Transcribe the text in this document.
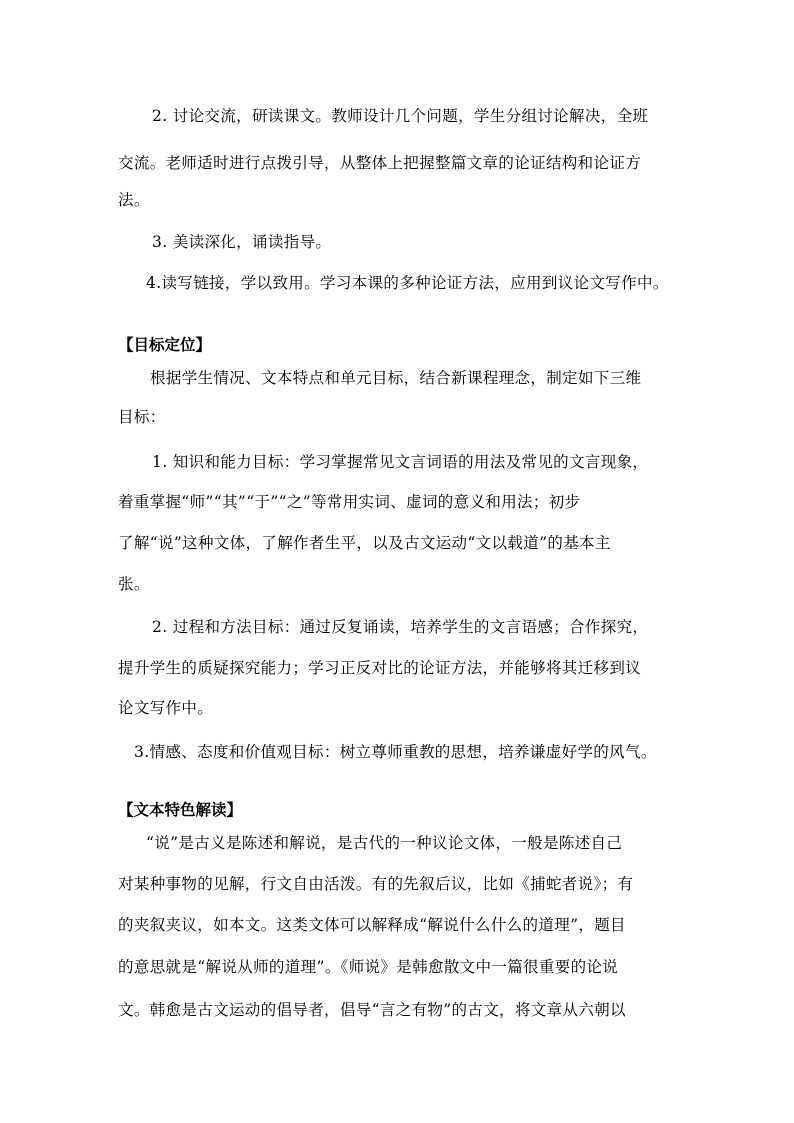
2. 讨论交流，研读课文。教师设计几个问题，学生分组讨论解决，全班
交流。老师适时进行点拨引导，从整体上把握整篇文章的论证结构和论证方
法。
3. 美读深化，诵读指导。
4.读写链接，学以致用。学习本课的多种论证方法，应用到议论文写作中。
【目标定位】
根据学生情况、文本特点和单元目标，结合新课程理念，制定如下三维
目标：
1. 知识和能力目标：学习掌握常见文言词语的用法及常见的文言现象，
着重掌握“师”“其”“于”“之”等常用实词、虚词的意义和用法；初步
了解“说”这种文体，了解作者生平，以及古文运动“文以载道”的基本主
张。
2. 过程和方法目标：通过反复诵读，培养学生的文言语感；合作探究，
提升学生的质疑探究能力；学习正反对比的论证方法，并能够将其迁移到议
论文写作中。
3.情感、态度和价值观目标：树立尊师重教的思想，培养谦虚好学的风气。
【文本特色解读】
“说”是古义是陈述和解说，是古代的一种议论文体，一般是陈述自己
对某种事物的见解，行文自由活泼。有的先叙后议，比如《捕蛇者说》；有
的夹叙夹议，如本文。这类文体可以解释成“解说什么什么的道理”，题目
的意思就是“解说从师的道理”。《师说》是韩愈散文中一篇很重要的论说
文。韩愈是古文运动的倡导者，倡导“言之有物”的古文，将文章从六朝以
